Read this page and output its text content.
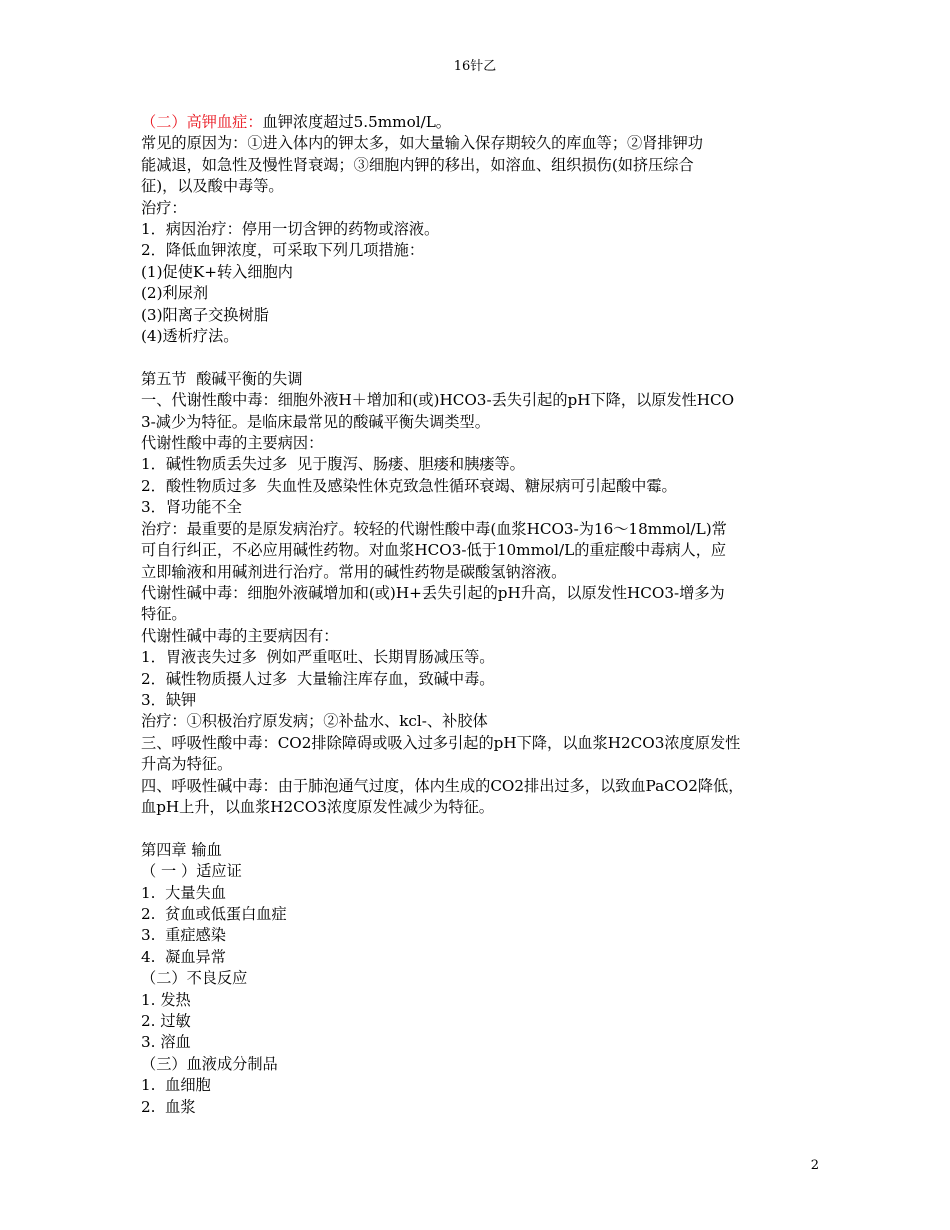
16针乙
（二）高钾血症：血钾浓度超过5.5mmol/L。
常见的原因为：①进入体内的钾太多，如大量输入保存期较久的库血等；②肾排钾功
能减退，如急性及慢性肾衰竭；③细胞内钾的移出，如溶血、组织损伤(如挤压综合
征)，以及酸中毒等。
治疗：
1．病因治疗：停用一切含钾的药物或溶液。
2．降低血钾浓度，可采取下列几项措施：
(1)促使K+转入细胞内
(2)利尿剂
(3)阳离子交换树脂
(4)透析疗法。
第五节  酸碱平衡的失调
一、代谢性酸中毒：细胞外液H＋增加和(或)HCO3-丢失引起的pH下降，以原发性HCO
3-减少为特征。是临床最常见的酸碱平衡失调类型。
代谢性酸中毒的主要病因：
1．碱性物质丢失过多  见于腹泻、肠瘘、胆瘘和胰瘘等。
2．酸性物质过多  失血性及感染性休克致急性循环衰竭、糖尿病可引起酸中霉。
3．肾功能不全
治疗：最重要的是原发病治疗。较轻的代谢性酸中毒(血浆HCO3-为16～18mmol/L)常
可自行纠正，不必应用碱性药物。对血浆HCO3-低于10mmol/L的重症酸中毒病人，应
立即输液和用碱剂进行治疗。常用的碱性药物是碳酸氢钠溶液。
代谢性碱中毒：细胞外液碱增加和(或)H+丢失引起的pH升高，以原发性HCO3-增多为
特征。
代谢性碱中毒的主要病因有：
1．胃液丧失过多  例如严重呕吐、长期胃肠减压等。
2．碱性物质摄人过多  大量输注库存血，致碱中毒。
3．缺钾
治疗：①积极治疗原发病；②补盐水、kcl-、补胶体
三、呼吸性酸中毒：CO2排除障碍或吸入过多引起的pH下降，以血浆H2CO3浓度原发性
升高为特征。
四、呼吸性碱中毒：由于肺泡通气过度，体内生成的CO2排出过多，以致血PaCO2降低，
血pH上升，以血浆H2CO3浓度原发性减少为特征。
第四章 输血
（ 一 ）适应证
1.  大量失血
2.  贫血或低蛋白血症
3.  重症感染
4.  凝血异常
（二）不良反应
1. 发热
2. 过敏
3. 溶血
（三）血液成分制品
1.  血细胞
2.  血浆
2
